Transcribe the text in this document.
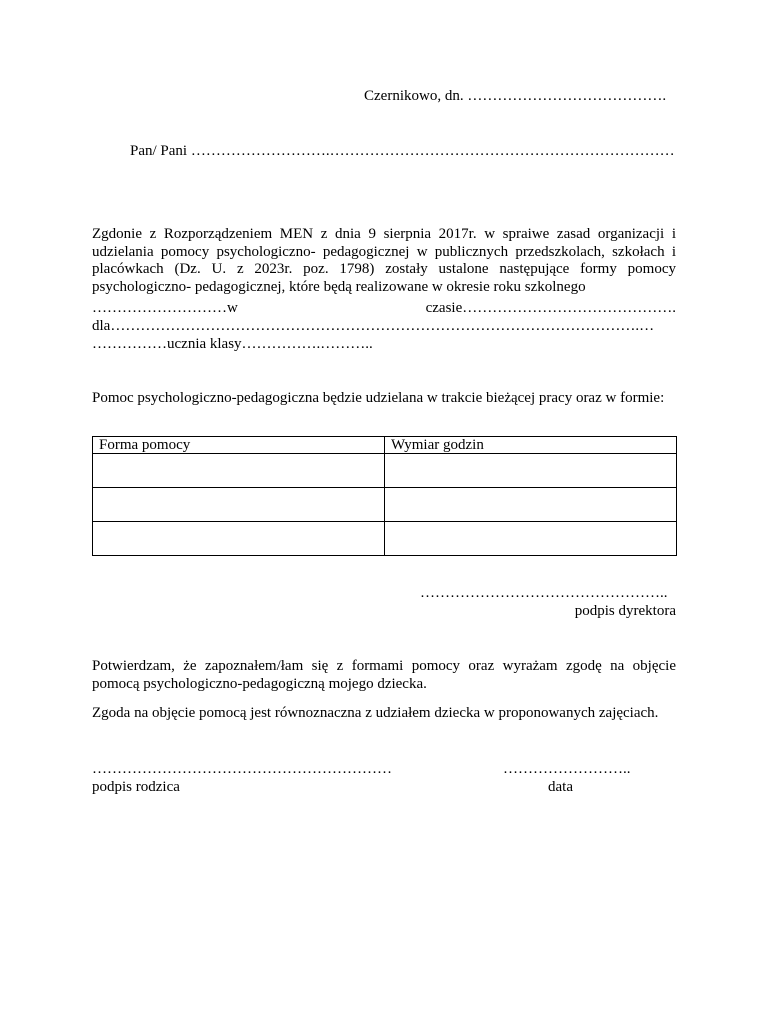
Czernikowo, dn. ………………………………….
Pan/ Pani ……………………….……………………………………………………………
Zgdonie z Rozporządzeniem MEN z dnia 9 sierpnia 2017r. w spraiwe zasad organizacji i udzielania pomocy psychologiczno- pedagogicznej w publicznych przedszkolach, szkołach i placówkach (Dz. U. z 2023r. poz. 1798) zostały ustalone następujące formy pomocy psychologiczno- pedagogicznej, które będą realizowane w okresie roku szkolnego
………………………w	czasie…………………………………….
dla…………………………………………………………………………………………….…
……………ucznia klasy…………….………..
Pomoc psychologiczno-pedagogiczna będzie udzielana w trakcie bieżącej pracy oraz w formie:
Forma pomocy	Wymiar godzin

…………………………………………..
podpis dyrektora
Potwierdzam, że zapoznałem/łam się z formami pomocy oraz wyrażam zgodę na objęcie pomocą psychologiczno-pedagogiczną mojego dziecka.
Zgoda na objęcie pomocą jest równoznaczna z udziałem dziecka w proponowanych zajęciach.
……………………………………………………
podpis rodzica
……………………..
data
